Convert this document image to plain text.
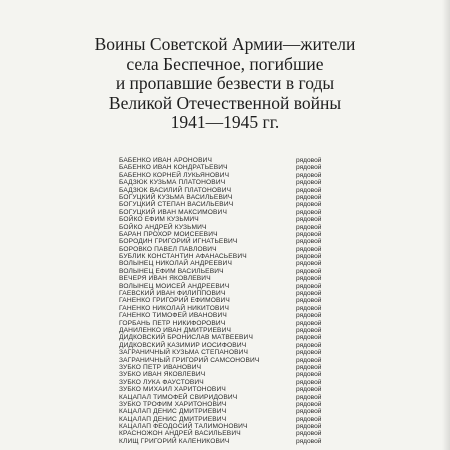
Воины Советской Армии—жители
села Беспечное, погибшие
и пропавшие безвести в годы
Великой Отечественной войны
1941—1945 гг.
БАБЕНКО ИВАН АРОНОВИЧ	рядовой
БАБЕНКО ИВАН КОНДРАТЬЕВИЧ	рядовой
БАБЕНКО КОРНЕЙ ЛУКЬЯНОВИЧ	рядовой
БАДЗЮК КУЗЬМА ПЛАТОНОВИЧ	рядовой
БАДЗЮК ВАСИЛИЙ ПЛАТОНОВИЧ	рядовой
БОГУЦКИЙ КУЗЬМА ВАСИЛЬЕВИЧ	рядовой
БОГУЦКИЙ СТЕПАН ВАСИЛЬЕВИЧ	рядовой
БОГУЦКИЙ ИВАН МАКСИМОВИЧ	рядовой
БОЙКО ЕФИМ КУЗЬМИЧ	рядовой
БОЙКО АНДРЕЙ КУЗЬМИЧ	рядовой
БАРАН ПРОХОР МОИСЕЕВИЧ	рядовой
БОРОДИН ГРИГОРИЙ ИГНАТЬЕВИЧ	рядовой
БОРОВКО ПАВЕЛ ПАВЛОВИЧ	рядовой
БУБЛИК КОНСТАНТИН АФАНАСЬЕВИЧ	рядовой
ВОЛЫНЕЦ НИКОЛАЙ АНДРЕЕВИЧ	рядовой
ВОЛЫНЕЦ ЕФИМ ВАСИЛЬЕВИЧ	рядовой
ВЕЧЕРЯ ИВАН ЯКОВЛЕВИЧ	рядовой
ВОЛЫНЕЦ МОИСЕЙ АНДРЕЕВИЧ	рядовой
ГАЕВСКИЙ ИВАН ФИЛИППОВИЧ	рядовой
ГАНЕНКО ГРИГОРИЙ ЕФИМОВИЧ	рядовой
ГАНЕНКО НИКОЛАЙ НИКИТОВИЧ	рядовой
ГАНЕНКО ТИМОФЕЙ ИВАНОВИЧ	рядовой
ГОРБАНЬ ПЕТР НИКИФОРОВИЧ	рядовой
ДАНИЛЕНКО ИВАН ДМИТРИЕВИЧ	рядовой
ДИДКОВСКИЙ БРОНИСЛАВ МАТВЕЕВИЧ	рядовой
ДИДКОВСКИЙ КАЗИМИР ИОСИФОВИЧ	рядовой
ЗАГРАНИЧНЫЙ КУЗЬМА СТЕПАНОВИЧ	рядовой
ЗАГРАНИЧНЫЙ ГРИГОРИЙ САМСОНОВИЧ	рядовой
ЗУБКО ПЕТР ИВАНОВИЧ	рядовой
ЗУБКО ИВАН ЯКОВЛЕВИЧ	рядовой
ЗУБКО ЛУКА ФАУСТОВИЧ	рядовой
ЗУБКО МИХАИЛ ХАРИТОНОВИЧ	рядовой
КАЦАПАЛ ТИМОФЕЙ СВИРИДОВИЧ	рядовой
ЗУБКО ТРОФИМ ХАРИТОНОВИЧ	рядовой
КАЦАЛАП ДЕНИС ДМИТРИЕВИЧ	рядовой
КАЦАЛАП ДЕНИС ДМИТРИЕВИЧ	рядовой
КАЦАЛАП ФЕОДОСИЙ ТАЛИМОНОВИЧ	рядовой
КРАСНОЖОН АНДРЕЙ ВАСИЛЬЕВИЧ	рядовой
КЛИЩ ГРИГОРИЙ КАЛЕНИКОВИЧ	рядовой
